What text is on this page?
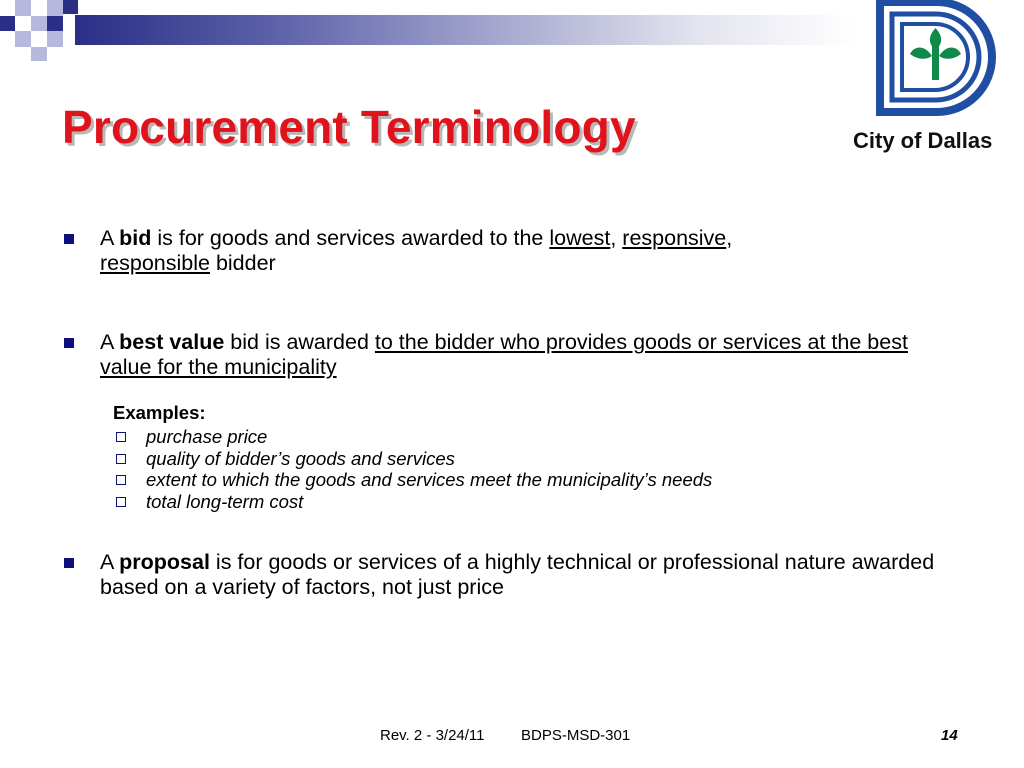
Procurement Terminology	City of Dallas
A bid is for goods and services awarded to the lowest, responsive,
responsible bidder
A best value bid is awarded to the bidder who provides goods or services at the best value for the municipality
Examples:
purchase price
quality of bidder’s goods and services
extent to which the goods and services meet the municipality’s needs
total long-term cost
A proposal is for goods or services of a highly technical or professional nature awarded based on a variety of factors, not just price
Rev. 2 - 3/24/11 BDPS-MSD-301	14
